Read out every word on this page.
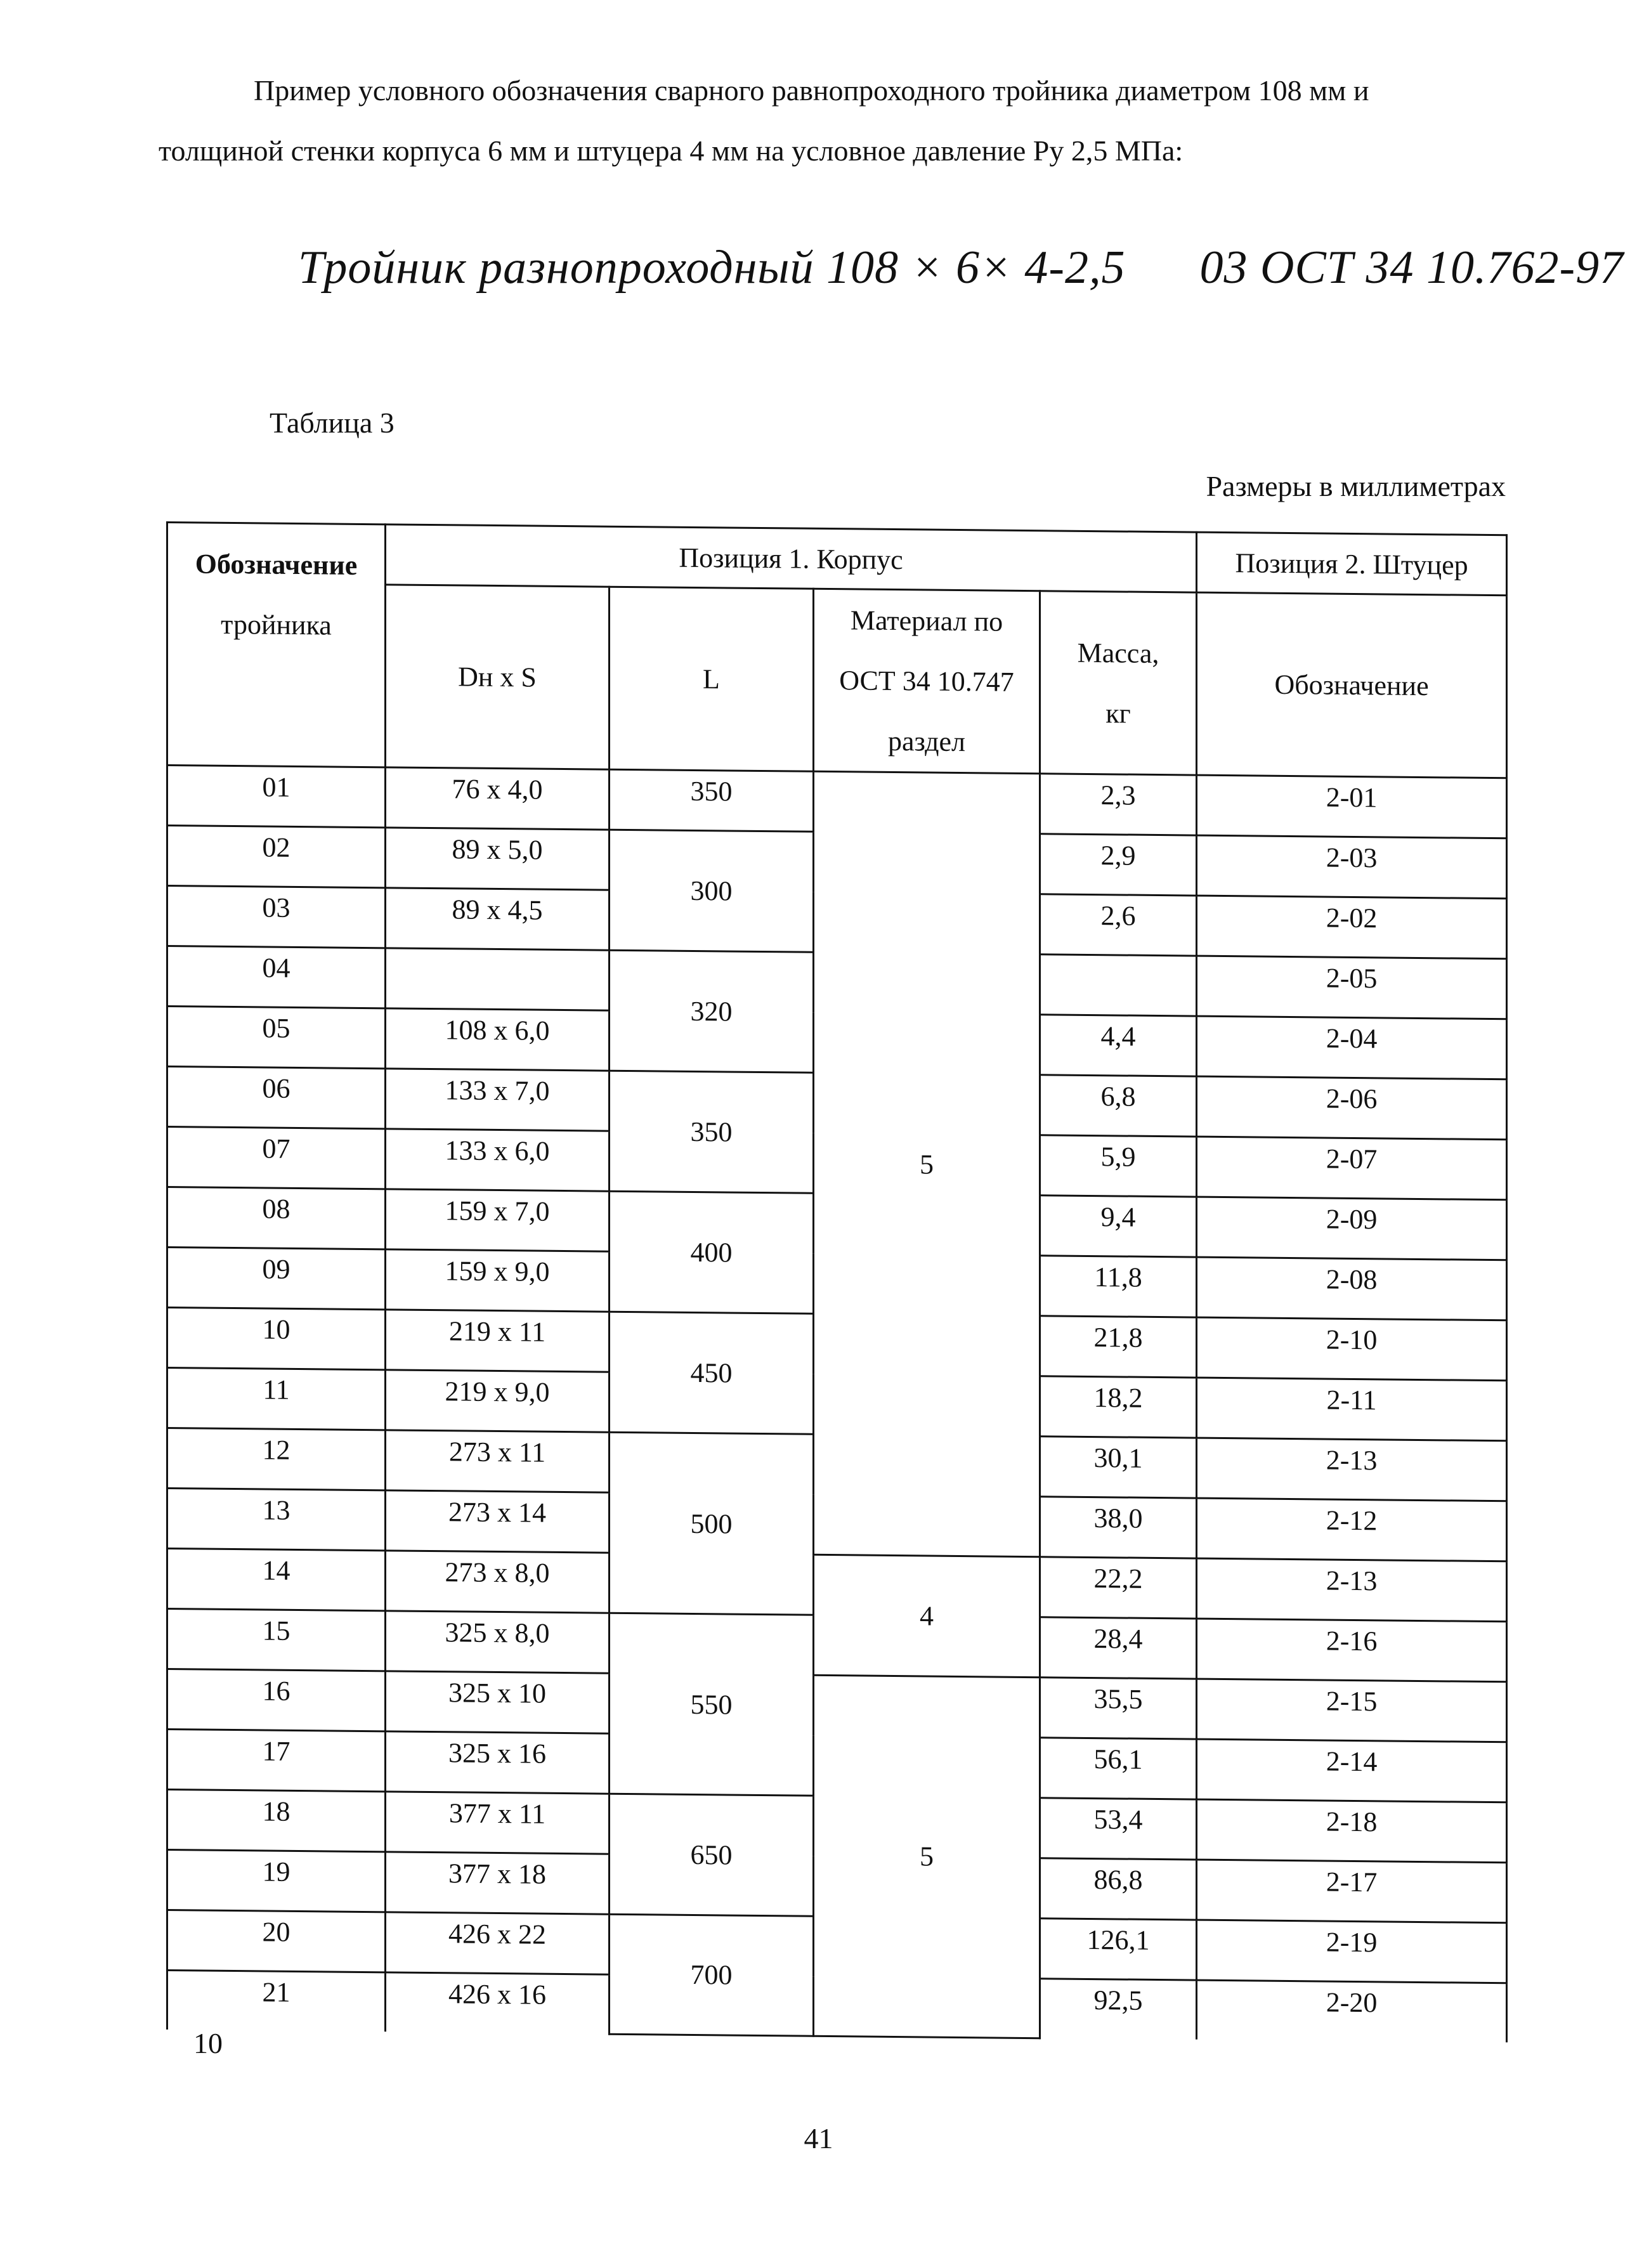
Пример условного обозначения сварного равнопроходного тройника диаметром 108 мм и
толщиной стенки корпуса 6 мм и штуцера 4 мм на условное давление Ру 2,5 МПа:

Тройник разнопроходный 108 × 6× 4-2,5      03 ОСТ 34 10.762-97
Таблица 3
Размеры в миллиметрах
Обозначение
тройника	Позиция 1. Корпус				Позиция 2. Штуцер
	Dн x S	L	Материал по
ОСТ 34 10.747
раздел	Масса,
кг	Обозначение
01	76 x 4,0	350	5	2,3	2-01
02	89 x 5,0	300		2,9	2-03
03	89 x 4,5			2,6	2-02
04		320			2-05
05	108 x 6,0			4,4	2-04
06	133 x 7,0	350		6,8	2-06
07	133 x 6,0			5,9	2-07
08	159 x 7,0	400		9,4	2-09
09	159 x 9,0			11,8	2-08
10	219 x 11	450		21,8	2-10
11	219 x 9,0			18,2	2-11
12	273 x 11	500		30,1	2-13
13	273 x 14			38,0	2-12
14	273 x 8,0		4	22,2	2-13
15	325 x 8,0	550		28,4	2-16
16	325 x 10		5	35,5	2-15
17	325 x 16			56,1	2-14
18	377 x 11	650		53,4	2-18
19	377 x 18			86,8	2-17
20	426 x 22	700		126,1	2-19
21	426 x 16			92,5	2-20
10
41
